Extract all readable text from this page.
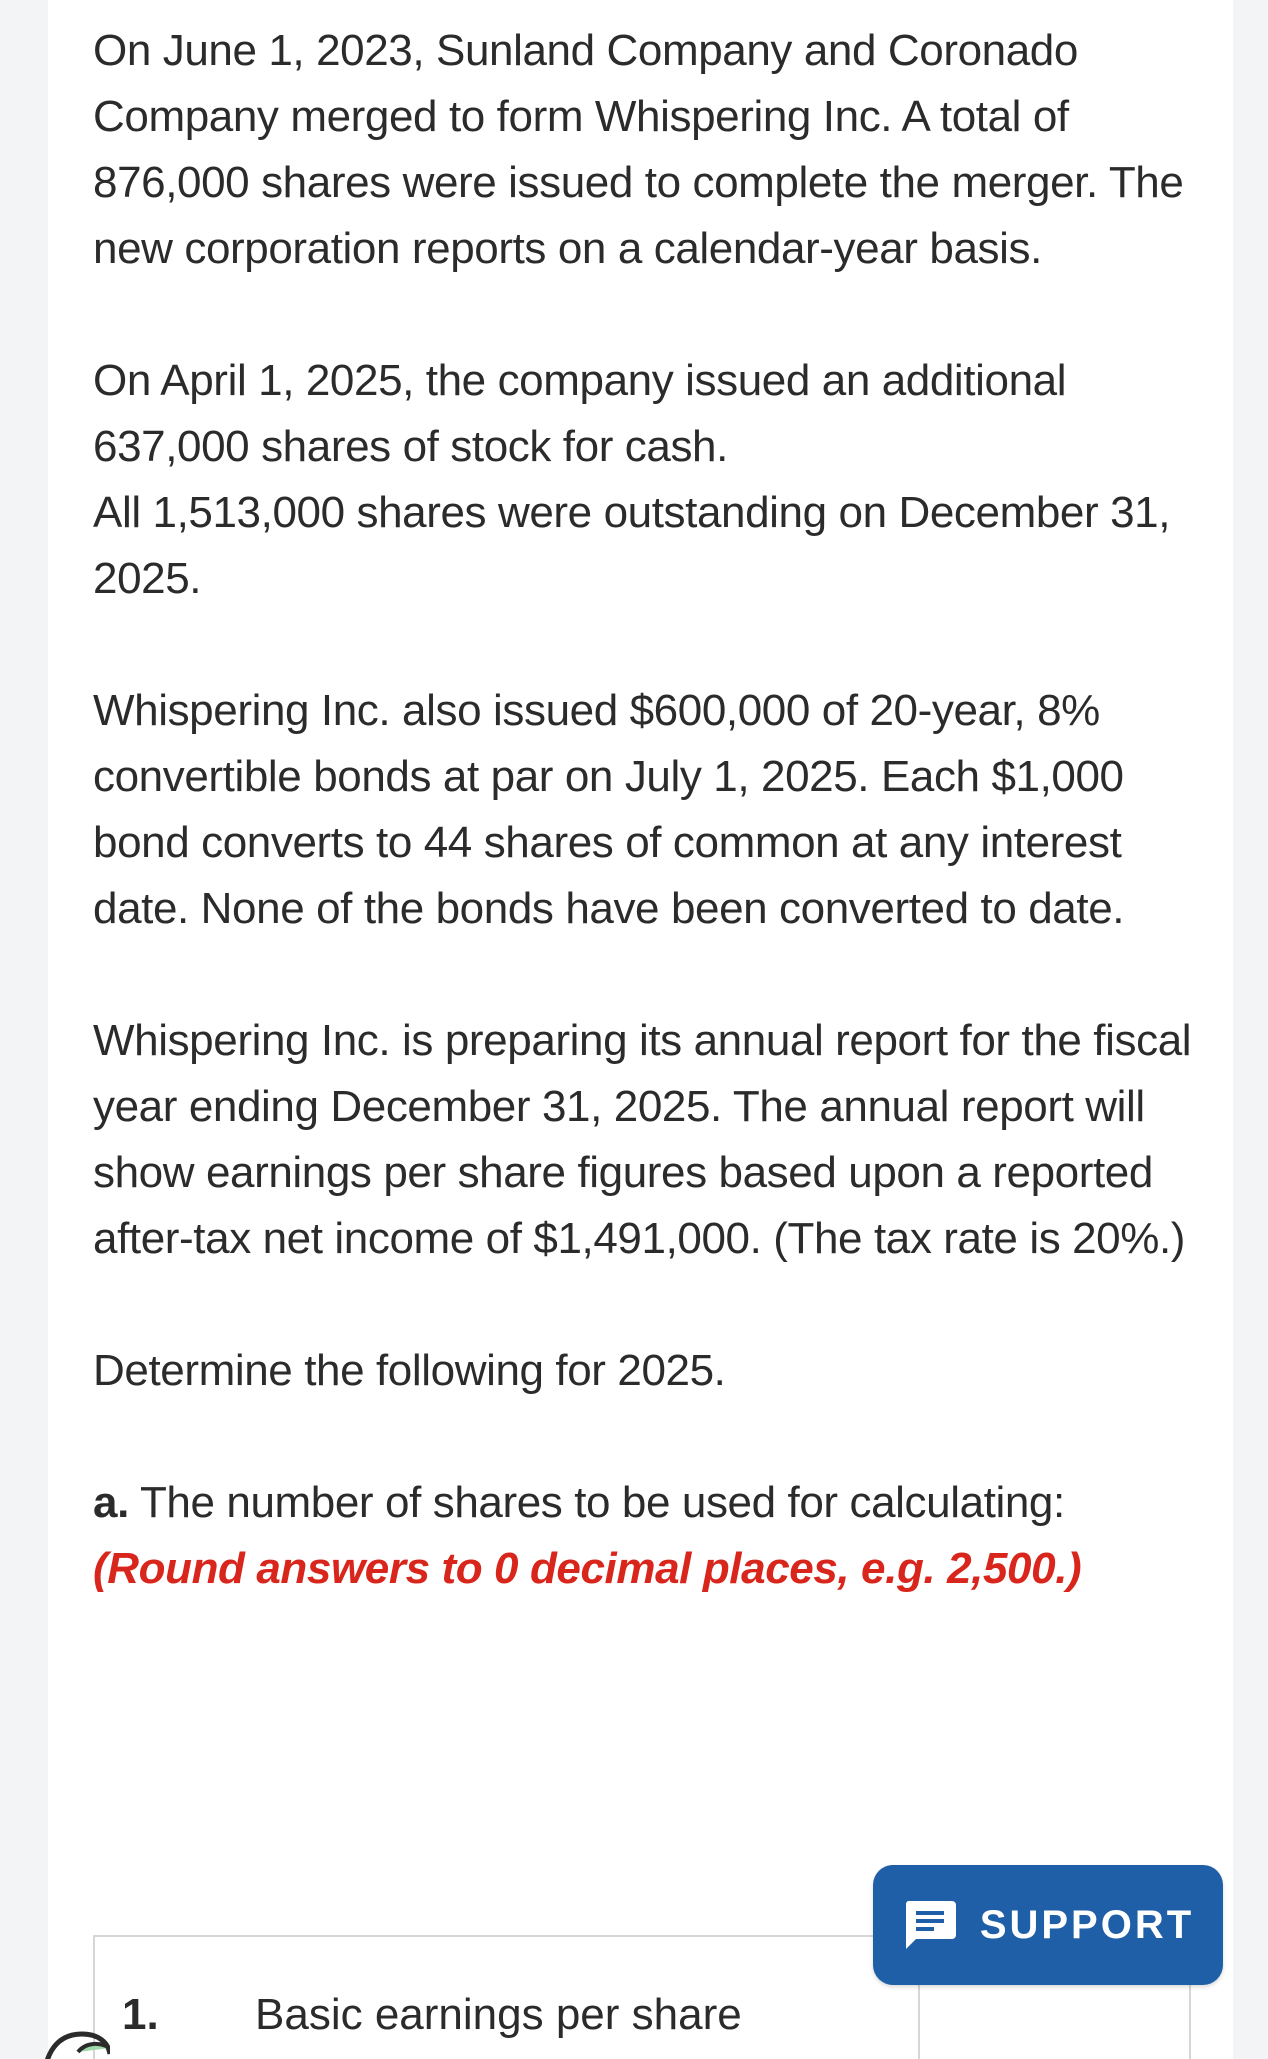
On June 1, 2023, Sunland Company and Coronado Company merged to form Whispering Inc. A total of 876,000 shares were issued to complete the merger. The new corporation reports on a calendar-year basis.

On April 1, 2025, the company issued an additional 637,000 shares of stock for cash.
All 1,513,000 shares were outstanding on December 31, 2025.

Whispering Inc. also issued $600,000 of 20-year, 8% convertible bonds at par on July 1, 2025. Each $1,000 bond converts to 44 shares of common at any interest date. None of the bonds have been converted to date.

Whispering Inc. is preparing its annual report for the fiscal year ending December 31, 2025. The annual report will show earnings per share figures based upon a reported after-tax net income of $1,491,000. (The tax rate is 20%.)

Determine the following for 2025.

a. The number of shares to be used for calculating: (Round answers to 0 decimal places, e.g. 2,500.)

1. Basic earnings per share
SUPPORT
